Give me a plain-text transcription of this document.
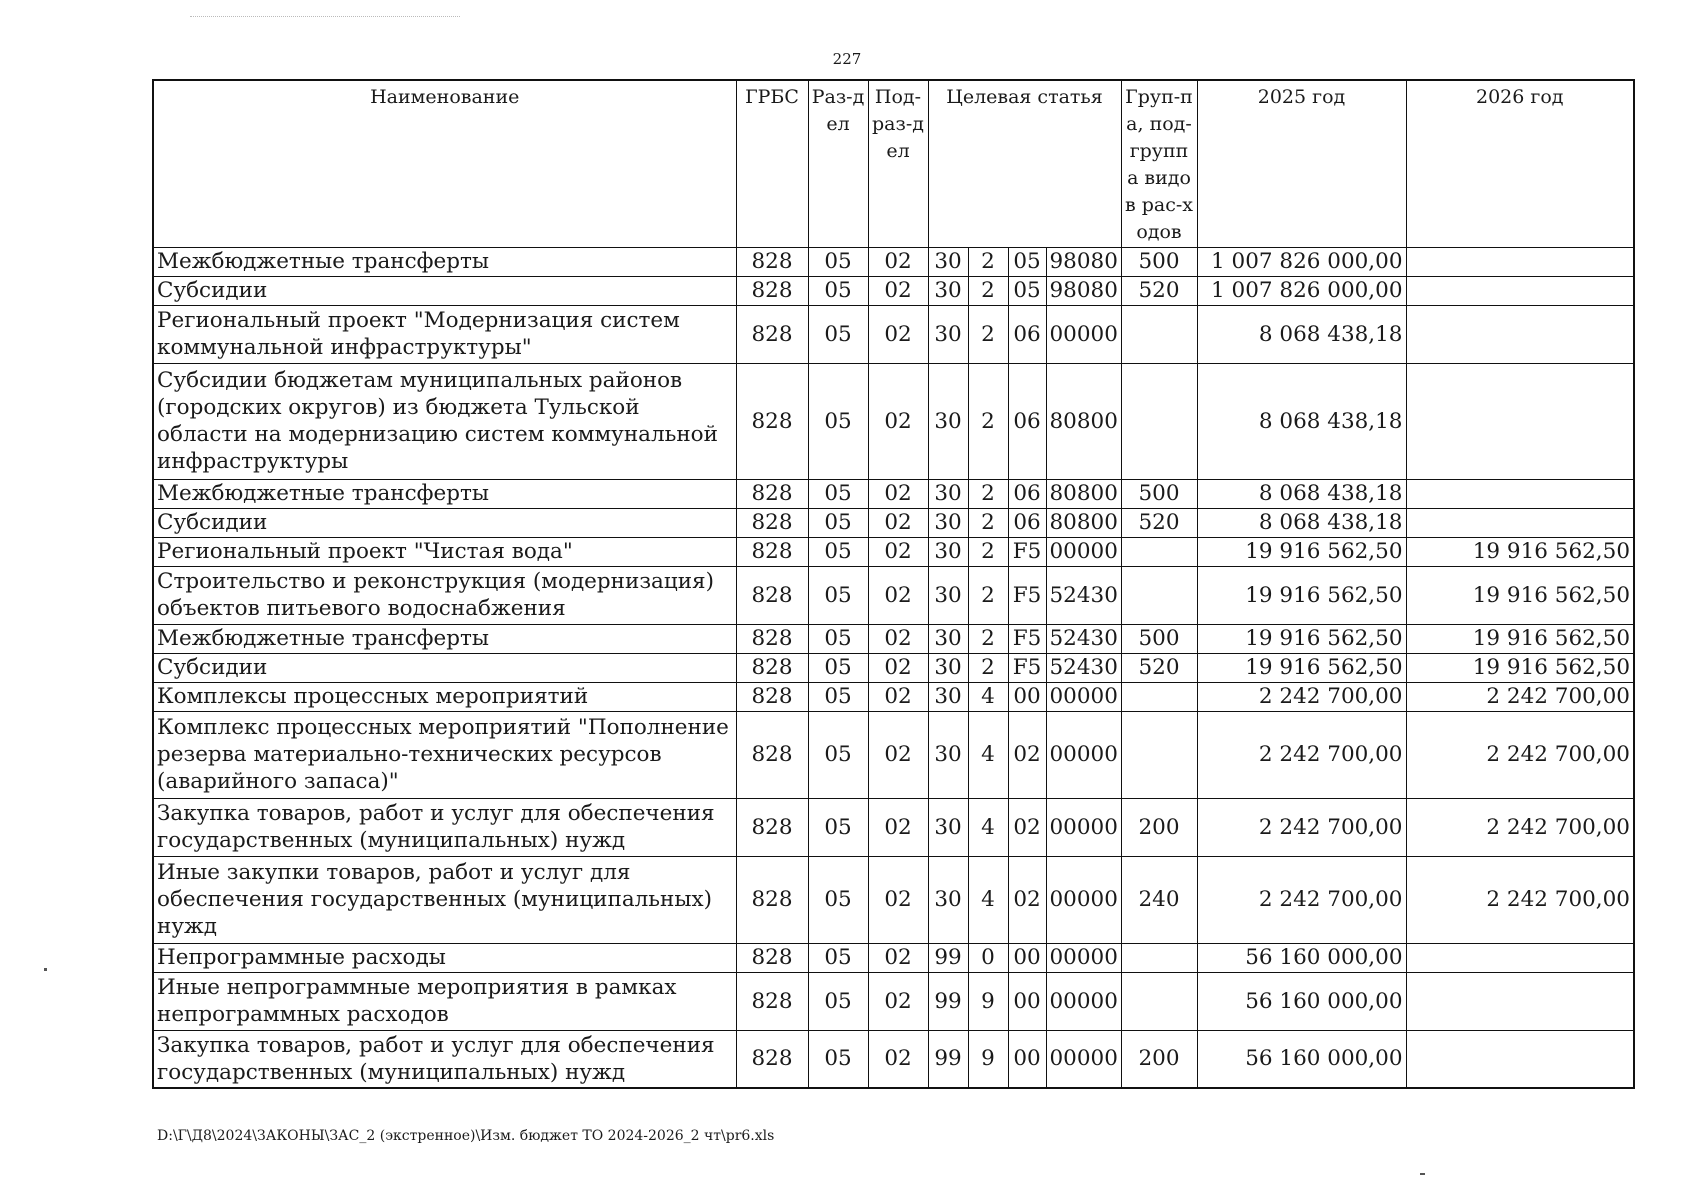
227
Наименование	ГРБС	Раз-дел	Под-раз-дел	Целевая статья				Груп-па, под-группа видов рас-ходов	2025 год	2026 год
Межбюджетные трансферты	828	05	02	30	2	05	98080	500	1 007 826 000,00	
Субсидии	828	05	02	30	2	05	98080	520	1 007 826 000,00	
Региональный проект "Модернизация систем коммунальной инфраструктуры"	828	05	02	30	2	06	00000		8 068 438,18	
Субсидии бюджетам муниципальных районов (городских округов) из бюджета Тульской области на модернизацию систем коммунальной инфраструктуры	828	05	02	30	2	06	80800		8 068 438,18	
Межбюджетные трансферты	828	05	02	30	2	06	80800	500	8 068 438,18	
Субсидии	828	05	02	30	2	06	80800	520	8 068 438,18	
Региональный проект "Чистая вода"	828	05	02	30	2	F5	00000		19 916 562,50	19 916 562,50
Строительство и реконструкция (модернизация) объектов питьевого водоснабжения	828	05	02	30	2	F5	52430		19 916 562,50	19 916 562,50
Межбюджетные трансферты	828	05	02	30	2	F5	52430	500	19 916 562,50	19 916 562,50
Субсидии	828	05	02	30	2	F5	52430	520	19 916 562,50	19 916 562,50
Комплексы процессных мероприятий	828	05	02	30	4	00	00000		2 242 700,00	2 242 700,00
Комплекс процессных мероприятий "Пополнение резерва материально-технических ресурсов (аварийного запаса)"	828	05	02	30	4	02	00000		2 242 700,00	2 242 700,00
Закупка товаров, работ и услуг для обеспечения государственных (муниципальных) нужд	828	05	02	30	4	02	00000	200	2 242 700,00	2 242 700,00
Иные закупки товаров, работ и услуг для обеспечения государственных (муниципальных) нужд	828	05	02	30	4	02	00000	240	2 242 700,00	2 242 700,00
Непрограммные расходы	828	05	02	99	0	00	00000		56 160 000,00	
Иные непрограммные мероприятия в рамках непрограммных расходов	828	05	02	99	9	00	00000		56 160 000,00	
Закупка товаров, работ и услуг для обеспечения государственных (муниципальных) нужд	828	05	02	99	9	00	00000	200	56 160 000,00	
D:\Г\Д8\2024\ЗАКОНЫ\ЗАС_2 (экстренное)\Изм. бюджет ТО 2024-2026_2 чт\pr6.xls
